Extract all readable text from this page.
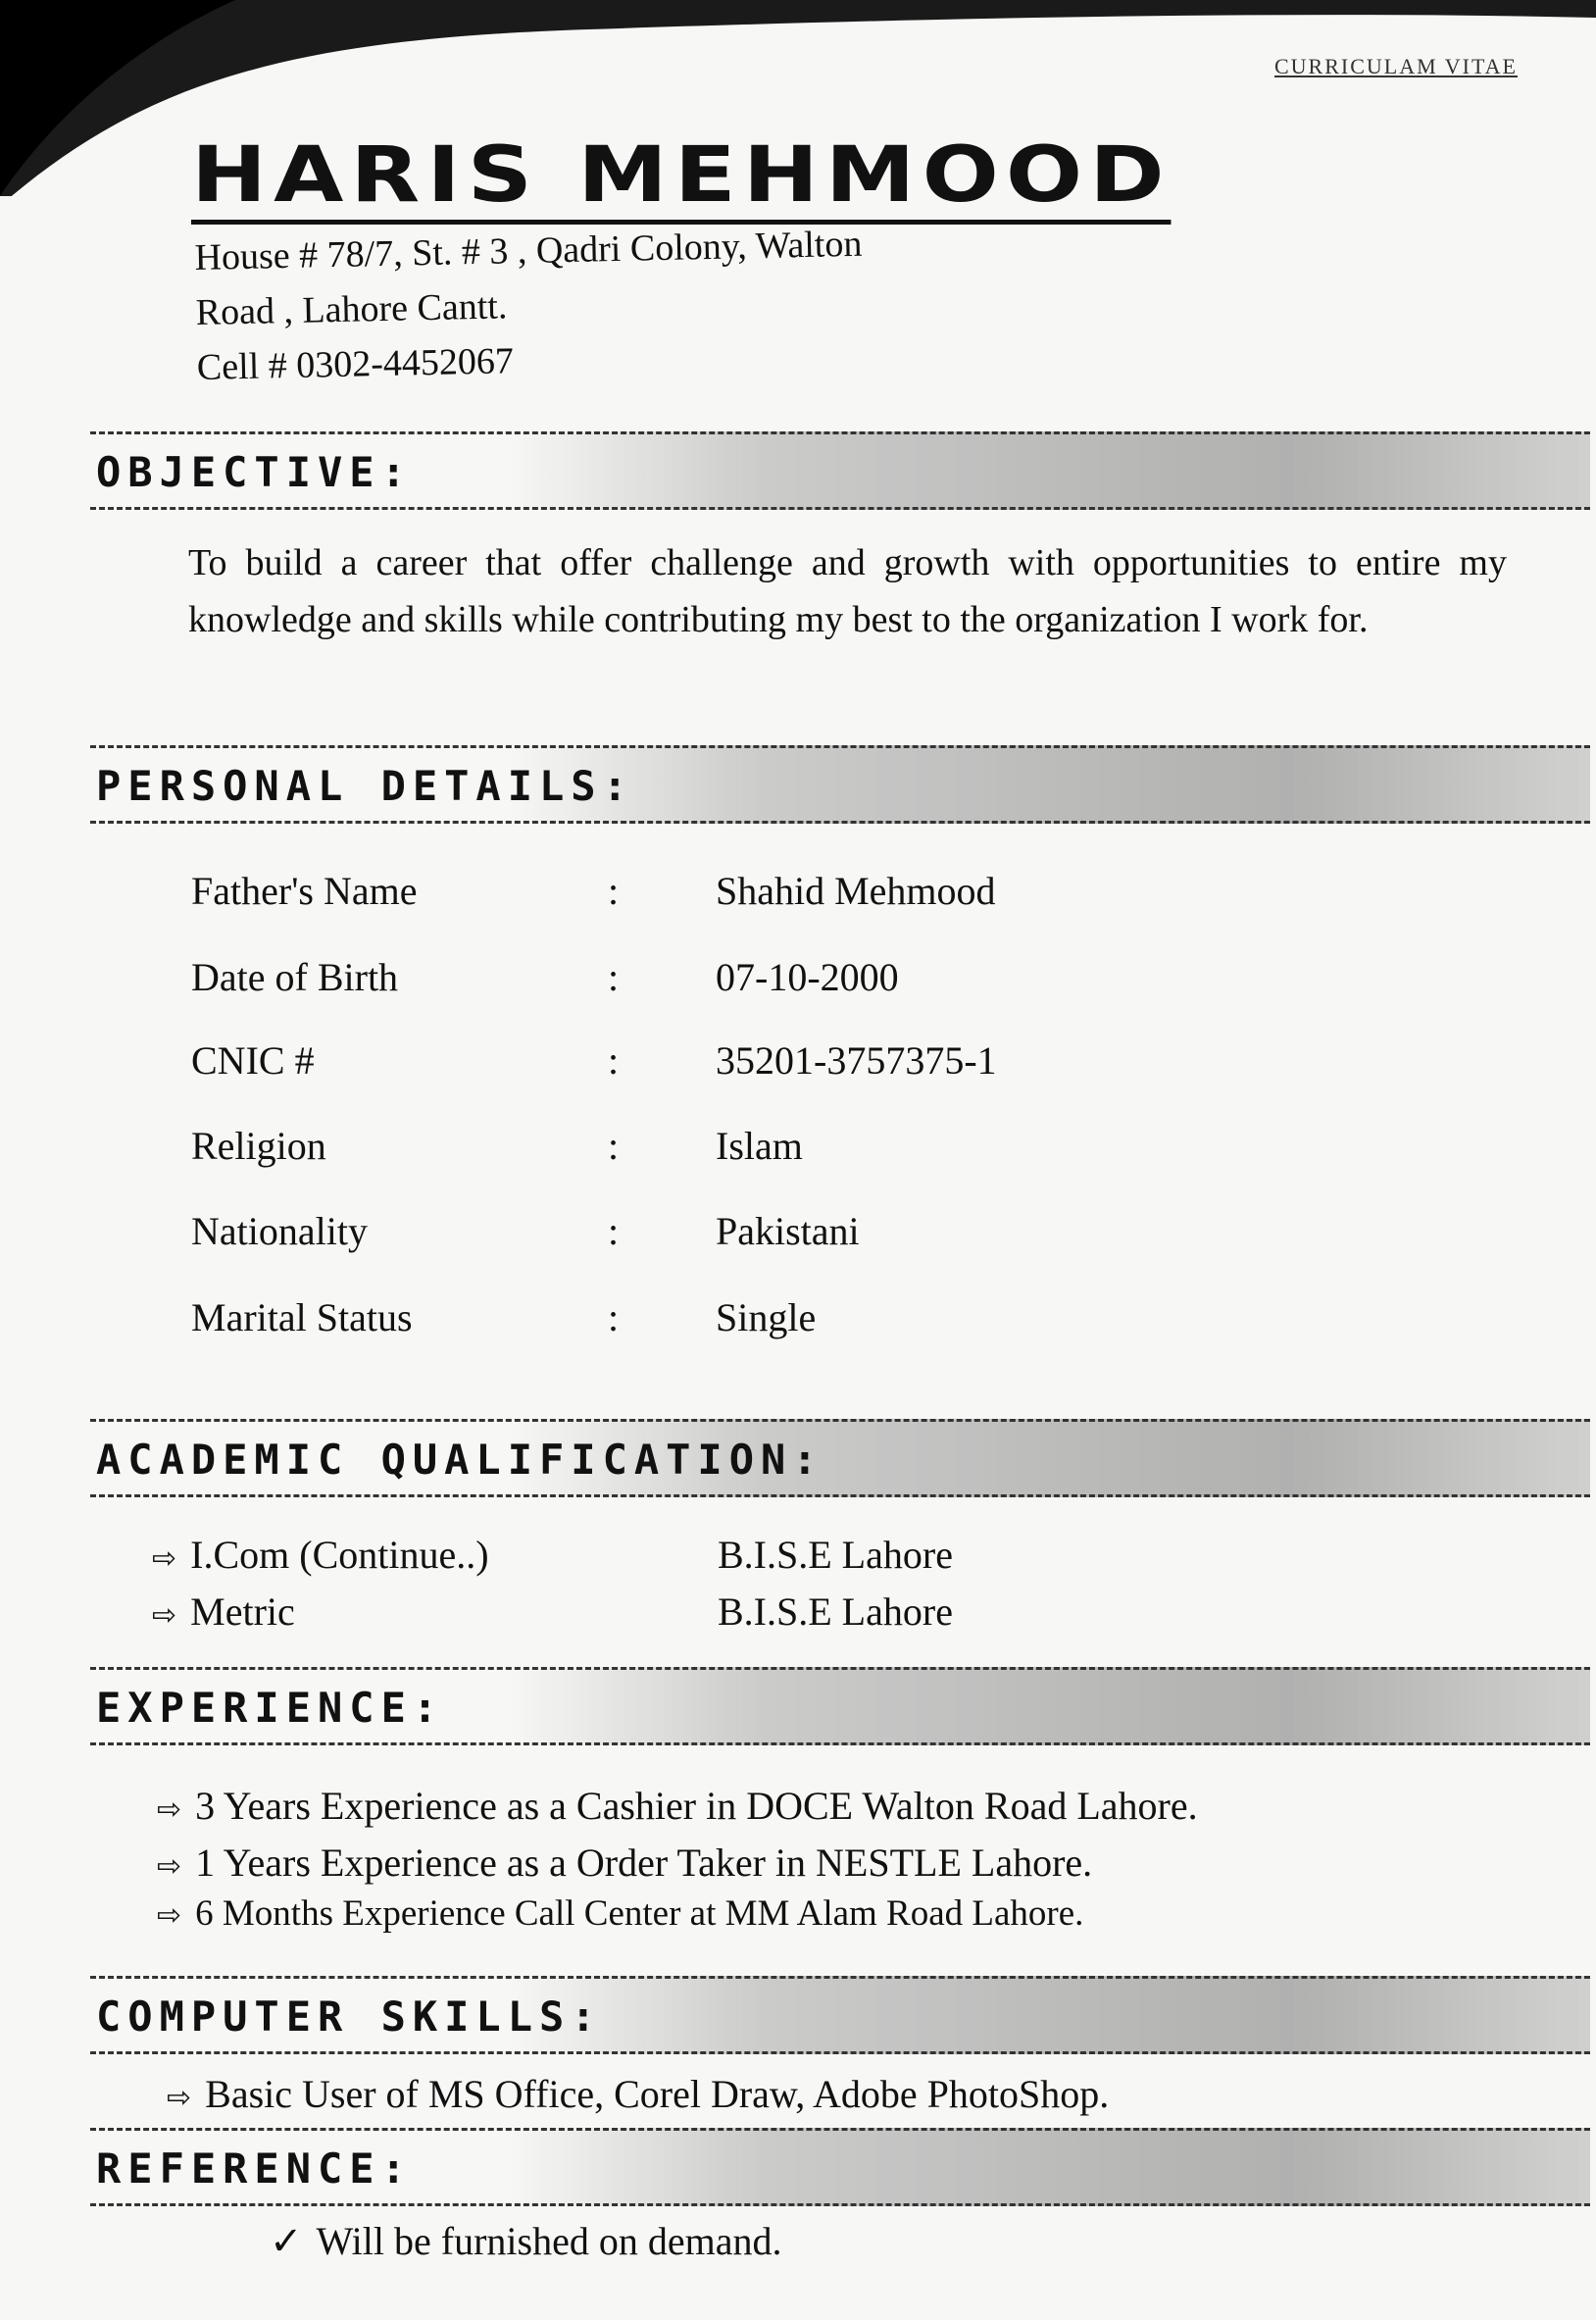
CURRICULAM VITAE
HARIS MEHMOOD
House # 78/7, St. # 3 , Qadri Colony, Walton
Road , Lahore Cantt.
Cell # 0302-4452067
OBJECTIVE:
To build a career that offer challenge and growth with opportunities to entire my knowledge and skills while contributing my best to the organization I work for.
PERSONAL DETAILS:
Father's Name	: Shahid Mehmood
Date of Birth	: 07-10-2000
CNIC #	: 35201-3757375-1
Religion	: Islam
Nationality	: Pakistani
Marital Status	: Single
ACADEMIC QUALIFICATION:
⇨ I.Com (Continue..)	B.I.S.E Lahore
⇨ Metric	B.I.S.E Lahore
EXPERIENCE:
⇨ 3 Years Experience as a Cashier in DOCE Walton Road Lahore.
⇨ 1 Years Experience as a Order Taker in NESTLE Lahore.
⇨ 6 Months Experience Call Center at MM Alam Road Lahore.
COMPUTER SKILLS:
⇨ Basic User of MS Office, Corel Draw, Adobe PhotoShop.
REFERENCE:
✓ Will be furnished on demand.
